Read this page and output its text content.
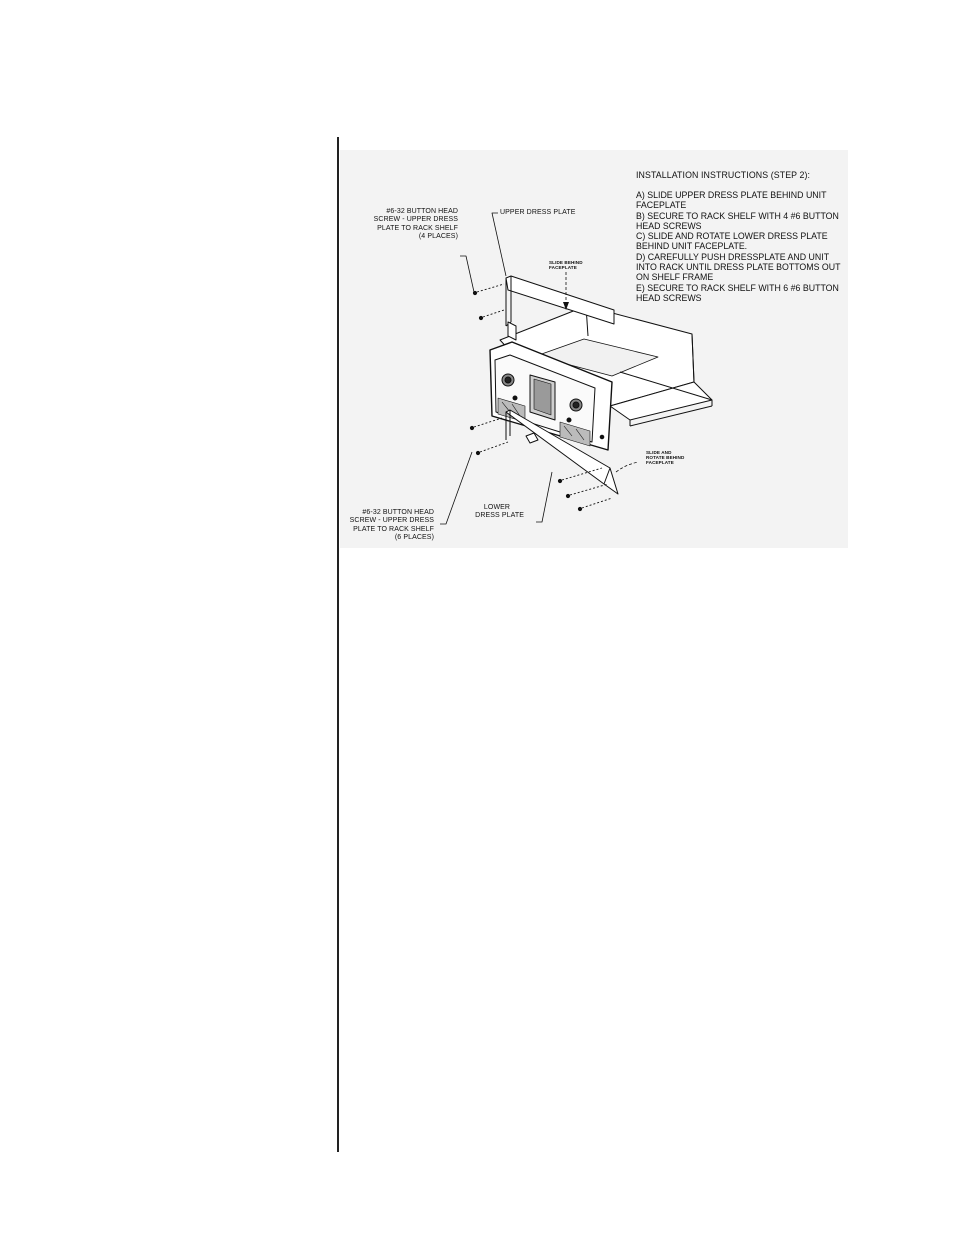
INSTALLATION INSTRUCTIONS (STEP 2):
A) SLIDE UPPER DRESS PLATE BEHIND UNIT
FACEPLATE
B) SECURE TO RACK SHELF WITH 4 #6 BUTTON
HEAD SCREWS
C) SLIDE AND ROTATE LOWER DRESS PLATE
BEHIND UNIT FACEPLATE.
D) CAREFULLY PUSH DRESSPLATE AND UNIT
INTO RACK UNTIL DRESS PLATE BOTTOMS OUT
ON SHELF FRAME
E) SECURE TO RACK SHELF WITH 6 #6 BUTTON
HEAD SCREWS
#6-32 BUTTON HEAD
SCREW - UPPER DRESS
PLATE TO RACK SHELF
(4 PLACES)
UPPER DRESS PLATE
SLIDE BEHIND
FACEPLATE
SLIDE AND
ROTATE BEHIND
FACEPLATE
LOWER
DRESS PLATE
#6-32 BUTTON HEAD
SCREW - UPPER DRESS
PLATE TO RACK SHELF
(6 PLACES)
